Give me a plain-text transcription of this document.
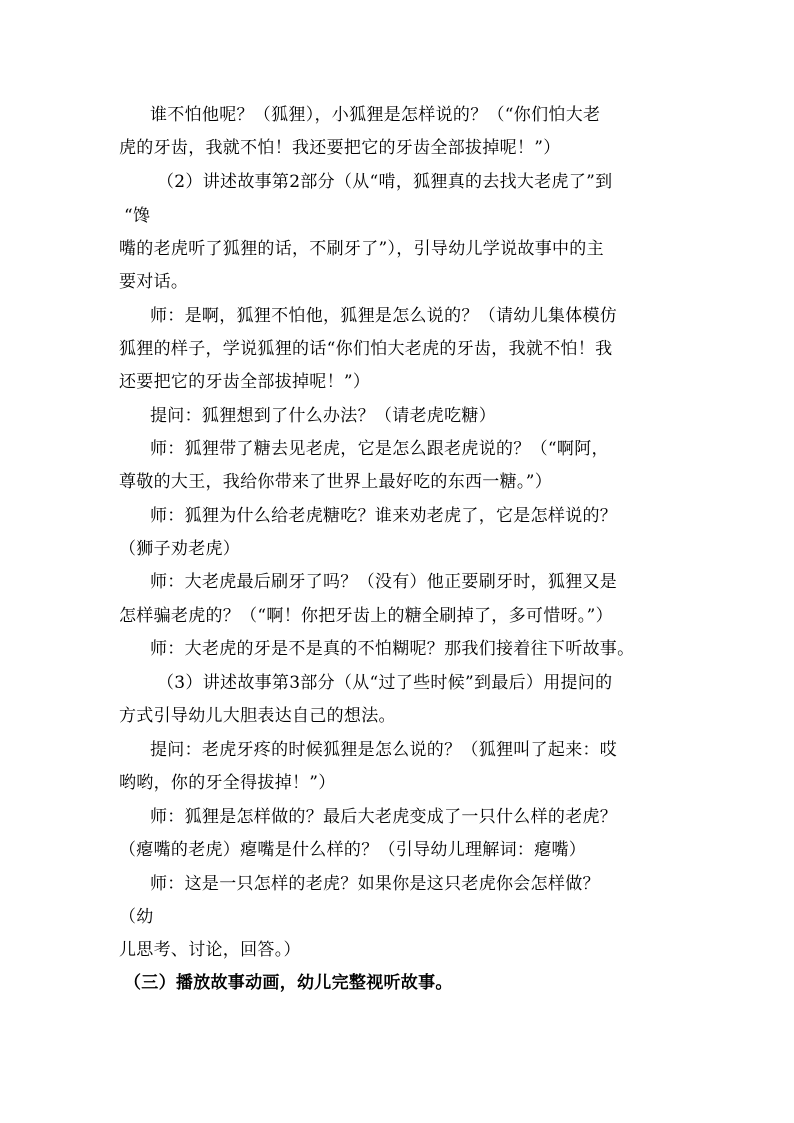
谁不怕他呢？（狐狸），小狐狸是怎样说的？（“你们怕大老
虎的牙齿，我就不怕！我还要把它的牙齿全部拔掉呢！”）
（2）讲述故事第2部分（从“啃，狐狸真的去找大老虎了”到
“馋
嘴的老虎听了狐狸的话，不刷牙了”），引导幼儿学说故事中的主
要对话。
师：是啊，狐狸不怕他，狐狸是怎么说的？（请幼儿集体模仿
狐狸的样子，学说狐狸的话“你们怕大老虎的牙齿，我就不怕！我
还要把它的牙齿全部拔掉呢！”）
提问：狐狸想到了什么办法？（请老虎吃糖）
师：狐狸带了糖去见老虎，它是怎么跟老虎说的？（“啊阿，
尊敬的大王，我给你带来了世界上最好吃的东西一糖。”）
师：狐狸为什么给老虎糖吃？谁来劝老虎了，它是怎样说的？
（狮子劝老虎）
师：大老虎最后刷牙了吗？（没有）他正要刷牙时，狐狸又是
怎样骗老虎的？（“啊！你把牙齿上的糖全刷掉了，多可惜呀。”）
师：大老虎的牙是不是真的不怕糊呢？那我们接着往下听故事。
（3）讲述故事第3部分（从“过了些时候”到最后）用提问的
方式引导幼儿大胆表达自己的想法。
提问：老虎牙疼的时候狐狸是怎么说的？（狐狸叫了起来：哎
哟哟，你的牙全得拔掉！”）
师：狐狸是怎样做的？最后大老虎变成了一只什么样的老虎？
（瘪嘴的老虎）瘪嘴是什么样的？（引导幼儿理解词：瘪嘴）
师：这是一只怎样的老虎？如果你是这只老虎你会怎样做？
（幼
儿思考、讨论，回答。）
（三）播放故事动画，幼儿完整视听故事。
